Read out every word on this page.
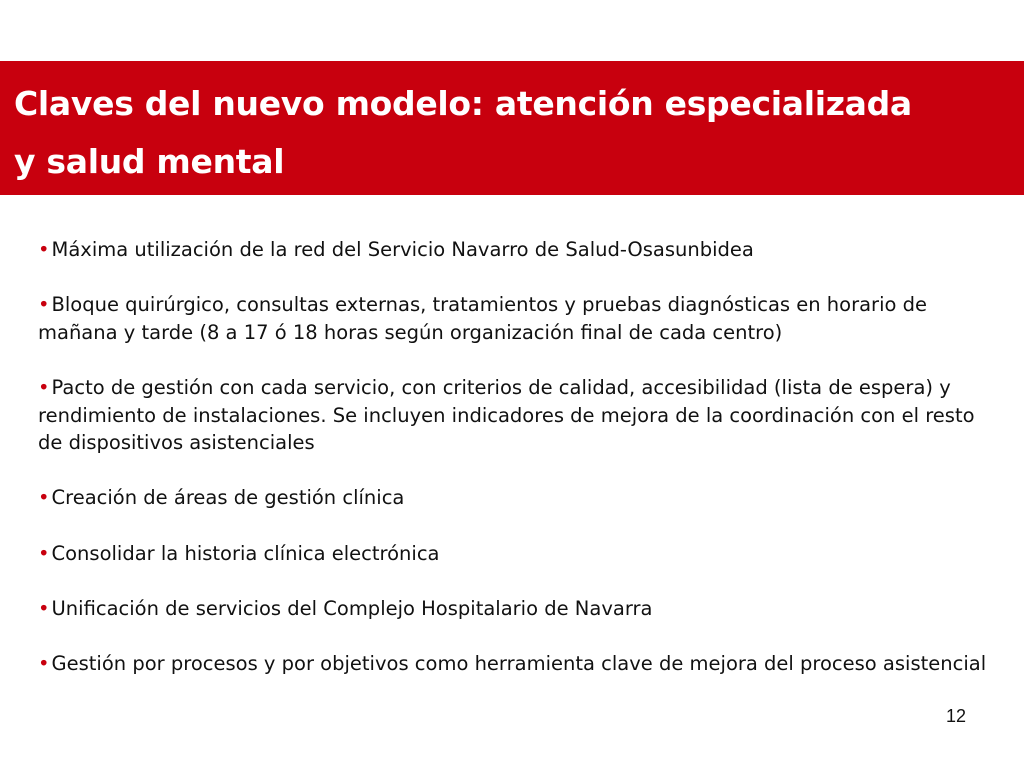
Claves del nuevo modelo: atención especializada
y salud mental

• Máxima utilización de la red del Servicio Navarro de Salud-Osasunbidea

• Bloque quirúrgico, consultas externas, tratamientos y pruebas diagnósticas en horario de mañana y tarde (8 a 17 ó 18 horas según organización final de cada centro)

• Pacto de gestión con cada servicio, con criterios de calidad, accesibilidad (lista de espera) y rendimiento de instalaciones. Se incluyen indicadores de mejora de la coordinación con el resto de dispositivos asistenciales

• Creación de áreas de gestión clínica

• Consolidar la historia clínica electrónica

• Unificación de servicios del Complejo Hospitalario de Navarra

• Gestión por procesos y por objetivos como herramienta clave de mejora del proceso asistencial

12
